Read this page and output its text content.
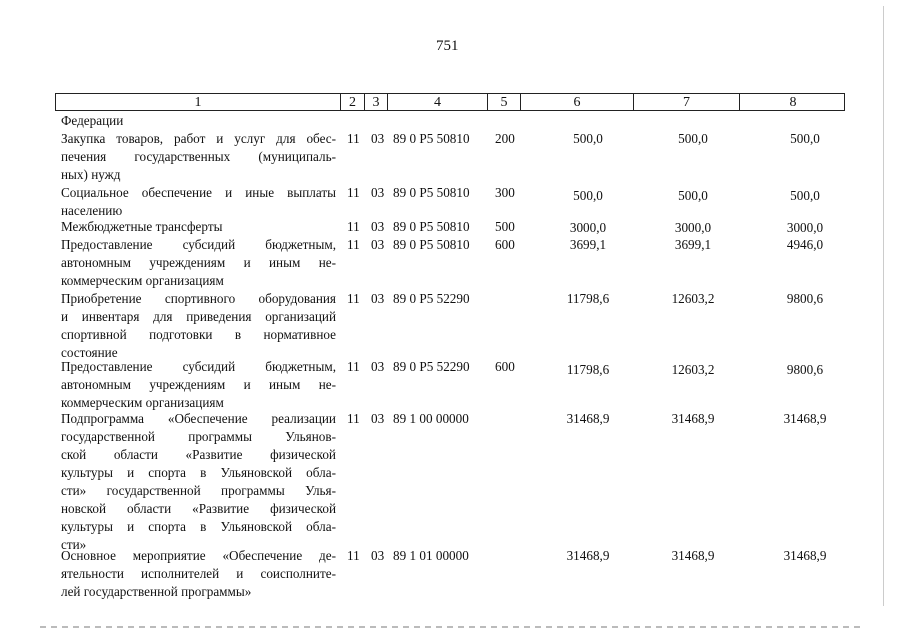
751
1	2	3	4	5	6	7	8
Федерации
Закупка товаров, работ и услуг для обес-
печения государственных (муниципаль-
ных) нужд
11 03 89 0 P5 50810 200	500,0	500,0	500,0
Социальное обеспечение и иные выплаты
населению
11 03 89 0 P5 50810 300	500,0	500,0	500,0
Межбюджетные трансферты	11 03 89 0 P5 50810 500	3000,0	3000,0	3000,0
Предоставление субсидий бюджетным,
автономным учреждениям и иным не-
коммерческим организациям
11 03 89 0 P5 50810 600	3699,1	3699,1	4946,0
Приобретение спортивного оборудования
и инвентаря для приведения организаций
спортивной подготовки в нормативное
состояние
11 03 89 0 P5 52290	11798,6	12603,2	9800,6
Предоставление субсидий бюджетным,
автономным учреждениям и иным не-
коммерческим организациям
11 03 89 0 P5 52290 600	11798,6	12603,2	9800,6
Подпрограмма «Обеспечение реализации
государственной программы Ульянов-
ской области «Развитие физической
культуры и спорта в Ульяновской обла-
сти» государственной программы Улья-
новской области «Развитие физической
культуры и спорта в Ульяновской обла-
сти»
11 03 89 1 00 00000	31468,9	31468,9	31468,9
Основное мероприятие «Обеспечение де-
ятельности исполнителей и соисполните-
лей государственной программы»
11 03 89 1 01 00000	31468,9	31468,9	31468,9
